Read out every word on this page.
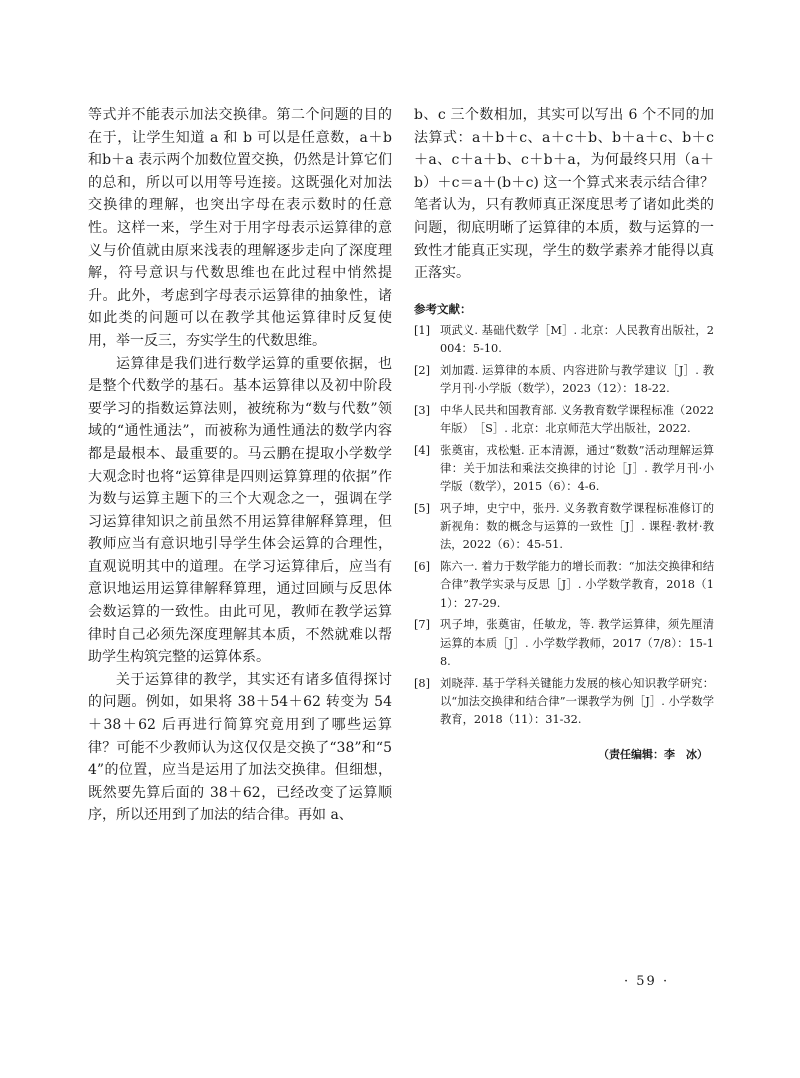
等式并不能表示加法交换律。第二个问题的目的在于，让学生知道 a 和 b 可以是任意数，a＋b 和b＋a 表示两个加数位置交换，仍然是计算它们的总和，所以可以用等号连接。这既强化对加法交换律的理解，也突出字母在表示数时的任意性。这样一来，学生对于用字母表示运算律的意义与价值就由原来浅表的理解逐步走向了深度理解，符号意识与代数思维也在此过程中悄然提升。此外，考虑到字母表示运算律的抽象性，诸如此类的问题可以在教学其他运算律时反复使用，举一反三，夯实学生的代数思维。

运算律是我们进行数学运算的重要依据，也是整个代数学的基石。基本运算律以及初中阶段要学习的指数运算法则，被统称为“数与代数”领域的“通性通法”，而被称为通性通法的数学内容都是最根本、最重要的。马云鹏在提取小学数学大观念时也将“运算律是四则运算算理的依据”作为数与运算主题下的三个大观念之一，强调在学习运算律知识之前虽然不用运算律解释算理，但教师应当有意识地引导学生体会运算的合理性，直观说明其中的道理。在学习运算律后，应当有意识地运用运算律解释算理，通过回顾与反思体会数运算的一致性。由此可见，教师在教学运算律时自己必须先深度理解其本质，不然就难以帮助学生构筑完整的运算体系。

关于运算律的教学，其实还有诸多值得探讨的问题。例如，如果将 38＋54＋62 转变为 54＋38＋62 后再进行简算究竟用到了哪些运算律？可能不少教师认为这仅仅是交换了“38”和“54”的位置，应当是运用了加法交换律。但细想，既然要先算后面的 38＋62，已经改变了运算顺序，所以还用到了加法的结合律。再如 a、

b、c 三个数相加，其实可以写出 6 个不同的加法算式：a＋b＋c、a＋c＋b、b＋a＋c、b＋c＋a、c＋a＋b、c＋b＋a，为何最终只用（a＋b）＋c＝a＋(b＋c) 这一个算式来表示结合律？笔者认为，只有教师真正深度思考了诸如此类的问题，彻底明晰了运算律的本质，数与运算的一致性才能真正实现，学生的数学素养才能得以真正落实。

参考文献：
[1] 项武义. 基础代数学［M］. 北京：人民教育出版社，2004：5-10.
[2] 刘加霞. 运算律的本质、内容进阶与教学建议［J］. 教学月刊·小学版（数学），2023（12）：18-22.
[3] 中华人民共和国教育部. 义务教育数学课程标准（2022 年版）　［S］. 北京：北京师范大学出版社，2022.
[4] 张奠宙，戎松魁. 正本清源，通过“数数”活动理解运算律：关于加法和乘法交换律的讨论［J］. 教学月刊·小学版（数学），2015（6）：4-6.
[5] 巩子坤，史宁中，张丹. 义务教育数学课程标准修订的新视角：数的概念与运算的一致性［J］. 课程·教材·教法，2022（6）：45-51.
[6] 陈六一. 着力于数学能力的增长而教：“加法交换律和结合律”教学实录与反思［J］. 小学数学教育，2018（11）：27-29.
[7] 巩子坤，张奠宙，任敏龙，等. 教学运算律，须先厘清运算的本质［J］. 小学数学教师，2017（7/8）：15-18.
[8] 刘晓萍. 基于学科关键能力发展的核心知识教学研究：以“加法交换律和结合律”一课教学为例［J］. 小学数学教育，2018（11）：31-32.
（责任编辑：李　冰）
· 59 ·
